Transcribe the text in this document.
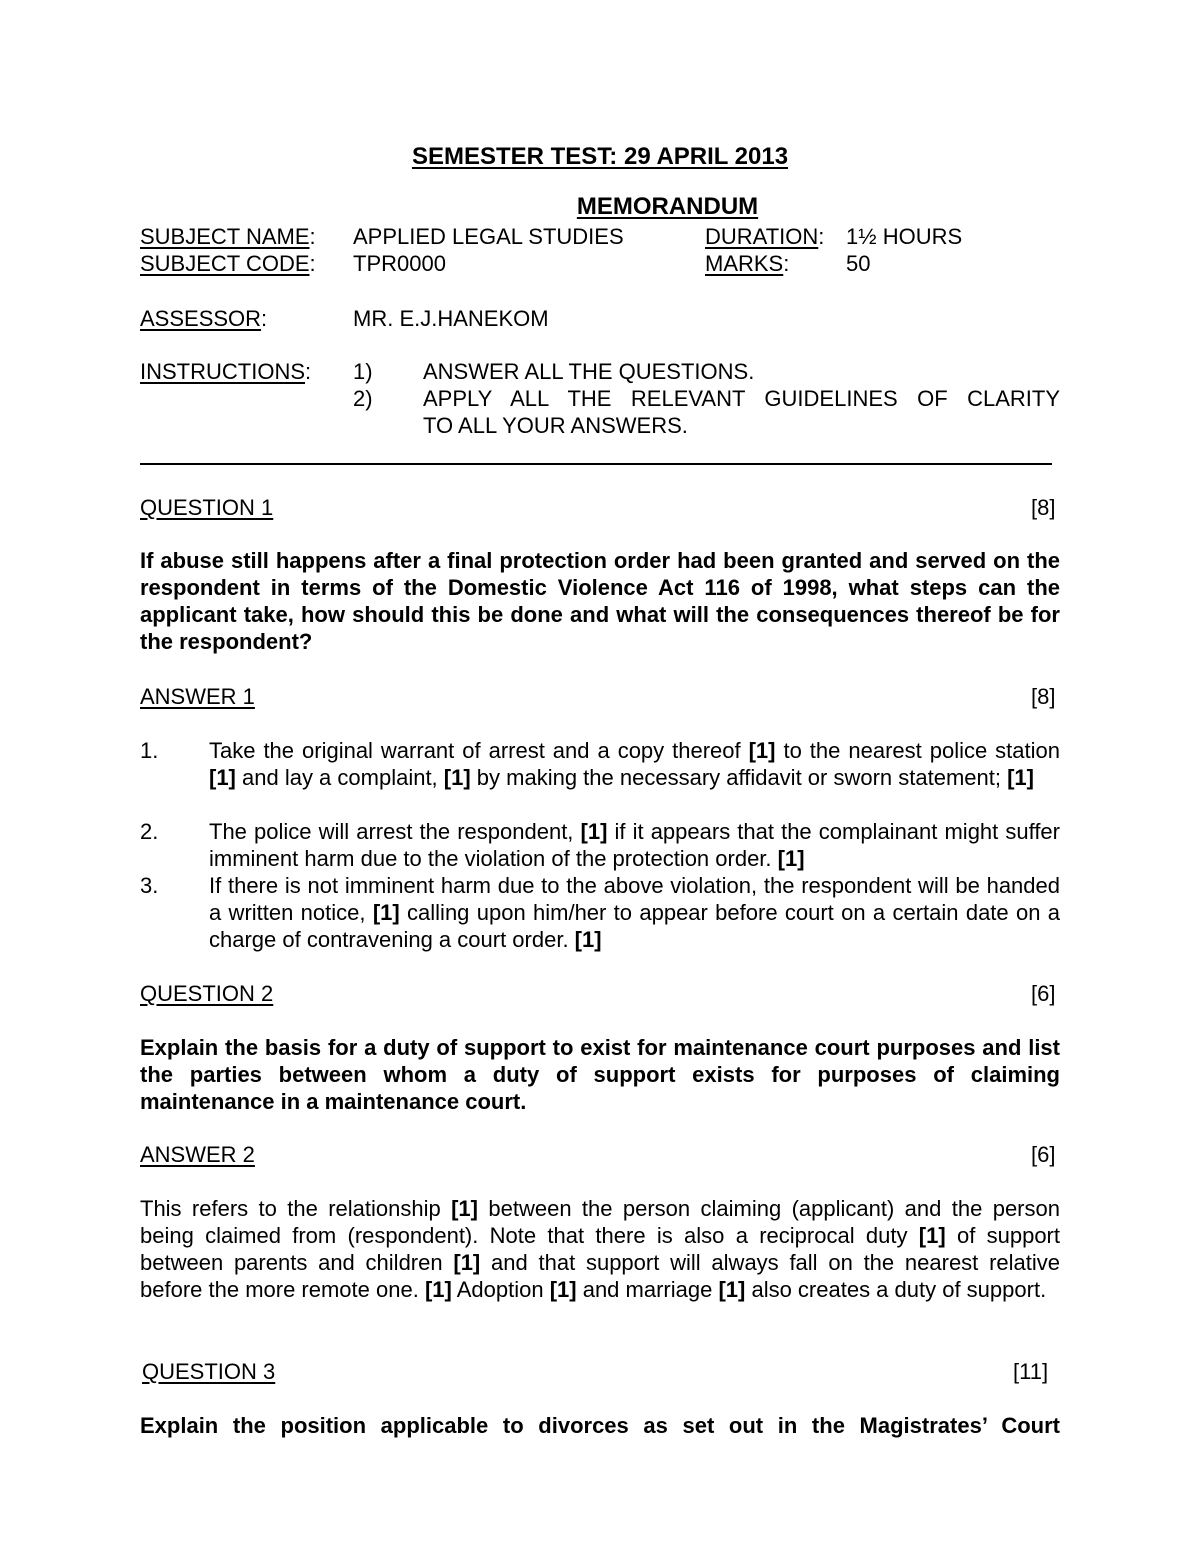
SEMESTER TEST: 29 APRIL 2013
MEMORANDUM
SUBJECT NAME: APPLIED LEGAL STUDIES	DURATION: 1½ HOURS
SUBJECT CODE: TPR0000	MARKS:	50
ASSESSOR:	MR. E.J.HANEKOM
INSTRUCTIONS: 1) ANSWER ALL THE QUESTIONS.
2) APPLY ALL THE RELEVANT GUIDELINES OF CLARITY
TO ALL YOUR ANSWERS.
QUESTION 1	[8]
If abuse still happens after a final protection order had been granted and served on the respondent in terms of the Domestic Violence Act 116 of 1998, what steps can the applicant take, how should this be done and what will the consequences thereof be for the respondent?
ANSWER 1	[8]
1. Take the original warrant of arrest and a copy thereof [1] to the nearest police station [1] and lay a complaint, [1] by making the necessary affidavit or sworn statement; [1]
2. The police will arrest the respondent, [1] if it appears that the complainant might suffer imminent harm due to the violation of the protection order. [1]
3. If there is not imminent harm due to the above violation, the respondent will be handed a written notice, [1] calling upon him/her to appear before court on a certain date on a charge of contravening a court order. [1]
QUESTION 2	[6]
Explain the basis for a duty of support to exist for maintenance court purposes and list the parties between whom a duty of support exists for purposes of claiming maintenance in a maintenance court.
ANSWER 2	[6]
This refers to the relationship [1] between the person claiming (applicant) and the person being claimed from (respondent). Note that there is also a reciprocal duty [1] of support between parents and children [1] and that support will always fall on the nearest relative before the more remote one. [1] Adoption [1] and marriage [1] also creates a duty of support.
QUESTION 3	[11]
Explain the position applicable to divorces as set out in the Magistrates’ Court
